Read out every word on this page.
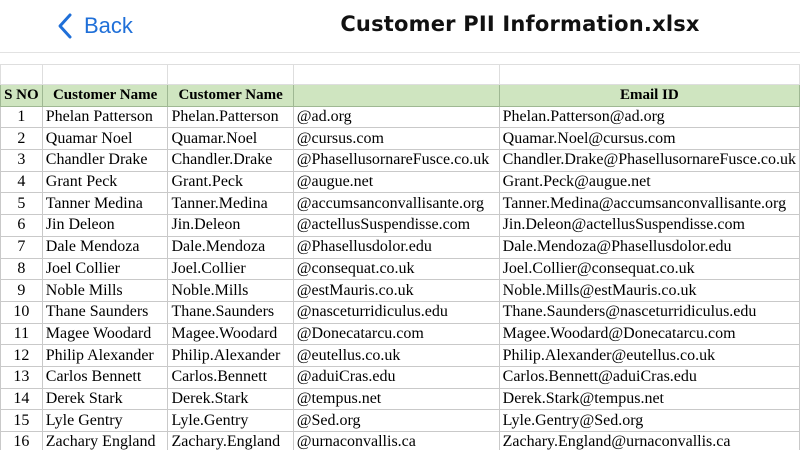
Back	Customer PII Information.xlsx

S NO	Customer Name	Customer Name		Email ID
1	Phelan Patterson	Phelan.Patterson	@ad.org	Phelan.Patterson@ad.org
2	Quamar Noel	Quamar.Noel	@cursus.com	Quamar.Noel@cursus.com
3	Chandler Drake	Chandler.Drake	@PhasellusornareFusce.co.uk	Chandler.Drake@PhasellusornareFusce.co.uk
4	Grant Peck	Grant.Peck	@augue.net	Grant.Peck@augue.net
5	Tanner Medina	Tanner.Medina	@accumsanconvallisante.org	Tanner.Medina@accumsanconvallisante.org
6	Jin Deleon	Jin.Deleon	@actellusSuspendisse.com	Jin.Deleon@actellusSuspendisse.com
7	Dale Mendoza	Dale.Mendoza	@Phasellusdolor.edu	Dale.Mendoza@Phasellusdolor.edu
8	Joel Collier	Joel.Collier	@consequat.co.uk	Joel.Collier@consequat.co.uk
9	Noble Mills	Noble.Mills	@estMauris.co.uk	Noble.Mills@estMauris.co.uk
10	Thane Saunders	Thane.Saunders	@nasceturridiculus.edu	Thane.Saunders@nasceturridiculus.edu
11	Magee Woodard	Magee.Woodard	@Donecatarcu.com	Magee.Woodard@Donecatarcu.com
12	Philip Alexander	Philip.Alexander	@eutellus.co.uk	Philip.Alexander@eutellus.co.uk
13	Carlos Bennett	Carlos.Bennett	@aduiCras.edu	Carlos.Bennett@aduiCras.edu
14	Derek Stark	Derek.Stark	@tempus.net	Derek.Stark@tempus.net
15	Lyle Gentry	Lyle.Gentry	@Sed.org	Lyle.Gentry@Sed.org
16	Zachary England	Zachary.England	@urnaconvallis.ca	Zachary.England@urnaconvallis.ca
